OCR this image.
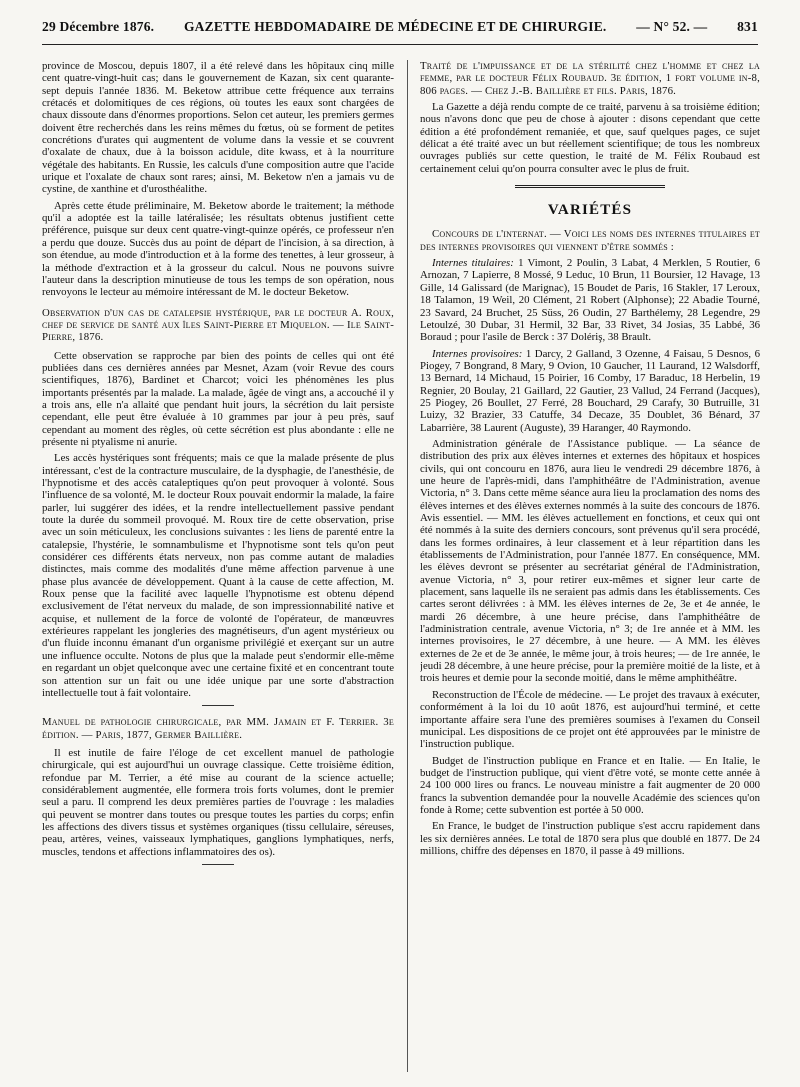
29 Décembre 1876. GAZETTE HEBDOMADAIRE DE MÉDECINE ET DE CHIRURGIE. — N° 52. — 831

province de Moscou, depuis 1807, il a été relevé dans les hôpitaux cinq mille cent quatre-vingt-huit cas; dans le gouvernement de Kazan, six cent quarante-sept depuis l'année 1836. M. Beketow attribue cette fréquence aux terrains crétacés et dolomitiques de ces régions, où toutes les eaux sont chargées de chaux dissoute dans d'énormes proportions. Selon cet auteur, les premiers germes doivent être recherchés dans les reins mêmes du fœtus, où se forment de petites concrétions d'urates qui augmentent de volume dans la vessie et se couvrent d'oxalate de chaux, due à la boisson acidule, dite kwass, et à la nourriture végétale des habitants. En Russie, les calculs d'une composition autre que l'acide urique et l'oxalate de chaux sont rares; ainsi, M. Beketow n'en a jamais vu de cystine, de xanthine et d'urosthéalithe.

Après cette étude préliminaire, M. Beketow aborde le traitement; la méthode qu'il a adoptée est la taille latéralisée; les résultats obtenus justifient cette préférence, puisque sur deux cent quatre-vingt-quinze opérés, ce professeur n'en a perdu que douze. Succès dus au point de départ de l'incision, à sa direction, à son étendue, au mode d'introduction et à la forme des tenettes, à leur grosseur, à la méthode d'extraction et à la grosseur du calcul. Nous ne pouvons suivre l'auteur dans la description minutieuse de tous les temps de son opération, nous renvoyons le lecteur au mémoire intéressant de M. le docteur Beketow.

Observation d'un cas de catalepsie hystérique, par le docteur A. Roux, chef de service de santé aux îles Saint-Pierre et Miquelon. — Ile Saint-Pierre, 1876.

Cette observation se rapproche par bien des points de celles qui ont été publiées dans ces dernières années par Mesnet, Azam (voir Revue des cours scientifiques, 1876), Bardinet et Charcot; voici les phénomènes les plus importants présentés par la malade. La malade, âgée de vingt ans, a accouché il y a trois ans, elle n'a allaité que pendant huit jours, la sécrétion du lait persiste cependant, elle peut être évaluée à 10 grammes par jour à peu près, sauf cependant au moment des règles, où cette sécrétion est plus abondante : elle ne présente ni ptyalisme ni anurie.

Les accès hystériques sont fréquents; mais ce que la malade présente de plus intéressant, c'est de la contracture musculaire, de la dysphagie, de l'anesthésie, de l'hypnotisme et des accès cataleptiques qu'on peut provoquer à volonté. Sous l'influence de sa volonté, M. le docteur Roux pouvait endormir la malade, la faire parler, lui suggérer des idées, et la rendre intellectuellement passive pendant toute la durée du sommeil provoqué. M. Roux tire de cette observation, prise avec un soin méticuleux, les conclusions suivantes : les liens de parenté entre la catalepsie, l'hystérie, le somnambulisme et l'hypnotisme sont tels qu'on peut considérer ces différents états nerveux, non pas comme autant de maladies distinctes, mais comme des modalités d'une même affection parvenue à une phase plus avancée de développement. Quant à la cause de cette affection, M. Roux pense que la facilité avec laquelle l'hypnotisme est obtenu dépend exclusivement de l'état nerveux du malade, de son impressionnabilité native et acquise, et nullement de la force de volonté de l'opérateur, de manœuvres extérieures rappelant les jongleries des magnétiseurs, d'un agent mystérieux ou d'un fluide inconnu émanant d'un organisme privilégié et exerçant sur un autre une influence occulte. Notons de plus que la malade peut s'endormir elle-même en regardant un objet quelconque avec une certaine fixité et en concentrant toute son attention sur un fait ou une idée unique par une sorte d'abstraction intellectuelle tout à fait volontaire.

Manuel de pathologie chirurgicale, par MM. Jamain et F. Terrier. 3e édition. — Paris, 1877, Germer Baillière.

Il est inutile de faire l'éloge de cet excellent manuel de pathologie chirurgicale, qui est aujourd'hui un ouvrage classique. Cette troisième édition, refondue par M. Terrier, a été mise au courant de la science actuelle; considérablement augmentée, elle formera trois forts volumes, dont le premier seul a paru. Il comprend les deux premières parties de l'ouvrage : les maladies qui peuvent se montrer dans toutes ou presque toutes les parties du corps; enfin les affections des divers tissus et systèmes organiques (tissu cellulaire, séreuses, peau, artères, veines, vaisseaux lymphatiques, ganglions lymphatiques, nerfs, muscles, tendons et affections inflammatoires des os).

Traité de l'impuissance et de la stérilité chez l'homme et chez la femme, par le docteur Félix Roubaud. 3e édition, 1 fort volume in-8, 806 pages. — Chez J.-B. Baillière et fils. Paris, 1876.

La Gazette a déjà rendu compte de ce traité, parvenu à sa troisième édition; nous n'avons donc que peu de chose à ajouter : disons cependant que cette édition a été profondément remaniée, et que, sauf quelques pages, ce sujet délicat a été traité avec un but réellement scientifique; de tous les nombreux ouvrages publiés sur cette question, le traité de M. Félix Roubaud est certainement celui qu'on pourra consulter avec le plus de fruit.

VARIÉTÉS

Concours de l'internat. — Voici les noms des internes titulaires et des internes provisoires qui viennent d'être sommés :

Internes titulaires: 1 Vimont, 2 Poulin, 3 Labat, 4 Merklen, 5 Routier, 6 Arnozan, 7 Lapierre, 8 Mossé, 9 Leduc, 10 Brun, 11 Boursier, 12 Havage, 13 Gille, 14 Galissard (de Marignac), 15 Boudet de Paris, 16 Stakler, 17 Leroux, 18 Talamon, 19 Weil, 20 Clément, 21 Robert (Alphonse); 22 Abadie Tourné, 23 Savard, 24 Bruchet, 25 Süss, 26 Oudin, 27 Barthélemy, 28 Legendre, 29 Letoulzé, 30 Dubar, 31 Hermil, 32 Bar, 33 Rivet, 34 Josias, 35 Labbé, 36 Boraud ; pour l'asile de Berck : 37 Dolériş, 38 Brault.

Internes provisoires: 1 Darcy, 2 Galland, 3 Ozenne, 4 Faisau, 5 Desnos, 6 Piogey, 7 Bongrand, 8 Mary, 9 Ovion, 10 Gaucher, 11 Laurand, 12 Walsdorff, 13 Bernard, 14 Michaud, 15 Poirier, 16 Comby, 17 Baraduc, 18 Herbelin, 19 Regnier, 20 Boulay, 21 Gaillard, 22 Gautier, 23 Vallud, 24 Ferrand (Jacques), 25 Piogey, 26 Boullet, 27 Ferré, 28 Bouchard, 29 Carafy, 30 Butruille, 31 Luizy, 32 Brazier, 33 Catuffe, 34 Decaze, 35 Doublet, 36 Bénard, 37 Labarrière, 38 Laurent (Auguste), 39 Haranger, 40 Raymondo.

Administration générale de l'Assistance publique. — La séance de distribution des prix aux élèves internes et externes des hôpitaux et hospices civils, qui ont concouru en 1876, aura lieu le vendredi 29 décembre 1876, à une heure de l'après-midi, dans l'amphithéâtre de l'Administration, avenue Victoria, n° 3. Dans cette même séance aura lieu la proclamation des noms des élèves internes et des élèves externes nommés à la suite des concours de 1876. Avis essentiel. — MM. les élèves actuellement en fonctions, et ceux qui ont été nommés à la suite des derniers concours, sont prévenus qu'il sera procédé, dans les formes ordinaires, à leur classement et à leur répartition dans les établissements de l'Administration, pour l'année 1877. En conséquence, MM. les élèves devront se présenter au secrétariat général de l'Administration, avenue Victoria, n° 3, pour retirer eux-mêmes et signer leur carte de placement, sans laquelle ils ne seraient pas admis dans les établissements. Ces cartes seront délivrées : à MM. les élèves internes de 2e, 3e et 4e année, le mardi 26 décembre, à une heure précise, dans l'amphithéâtre de l'administration centrale, avenue Victoria, n° 3; de 1re année et à MM. les internes provisoires, le 27 décembre, à une heure. — A MM. les élèves externes de 2e et de 3e année, le même jour, à trois heures; — de 1re année, le jeudi 28 décembre, à une heure précise, pour la première moitié de la liste, et à trois heures et demie pour la seconde moitié, dans le même amphithéâtre.

Reconstruction de l'École de médecine. — Le projet des travaux à exécuter, conformément à la loi du 10 août 1876, est aujourd'hui terminé, et cette importante affaire sera l'une des premières soumises à l'examen du Conseil municipal. Les dispositions de ce projet ont été approuvées par le ministre de l'instruction publique.

Budget de l'instruction publique en France et en Italie. — En Italie, le budget de l'instruction publique, qui vient d'être voté, se monte cette année à 24 100 000 lires ou francs. Le nouveau ministre a fait augmenter de 20 000 francs la subvention demandée pour la nouvelle Académie des sciences qu'on fonde à Rome; cette subvention est portée à 50 000.

En France, le budget de l'instruction publique s'est accru rapidement dans les six dernières années. Le total de 1870 sera plus que doublé en 1877. De 24 millions, chiffre des dépenses en 1870, il passe à 49 millions.
